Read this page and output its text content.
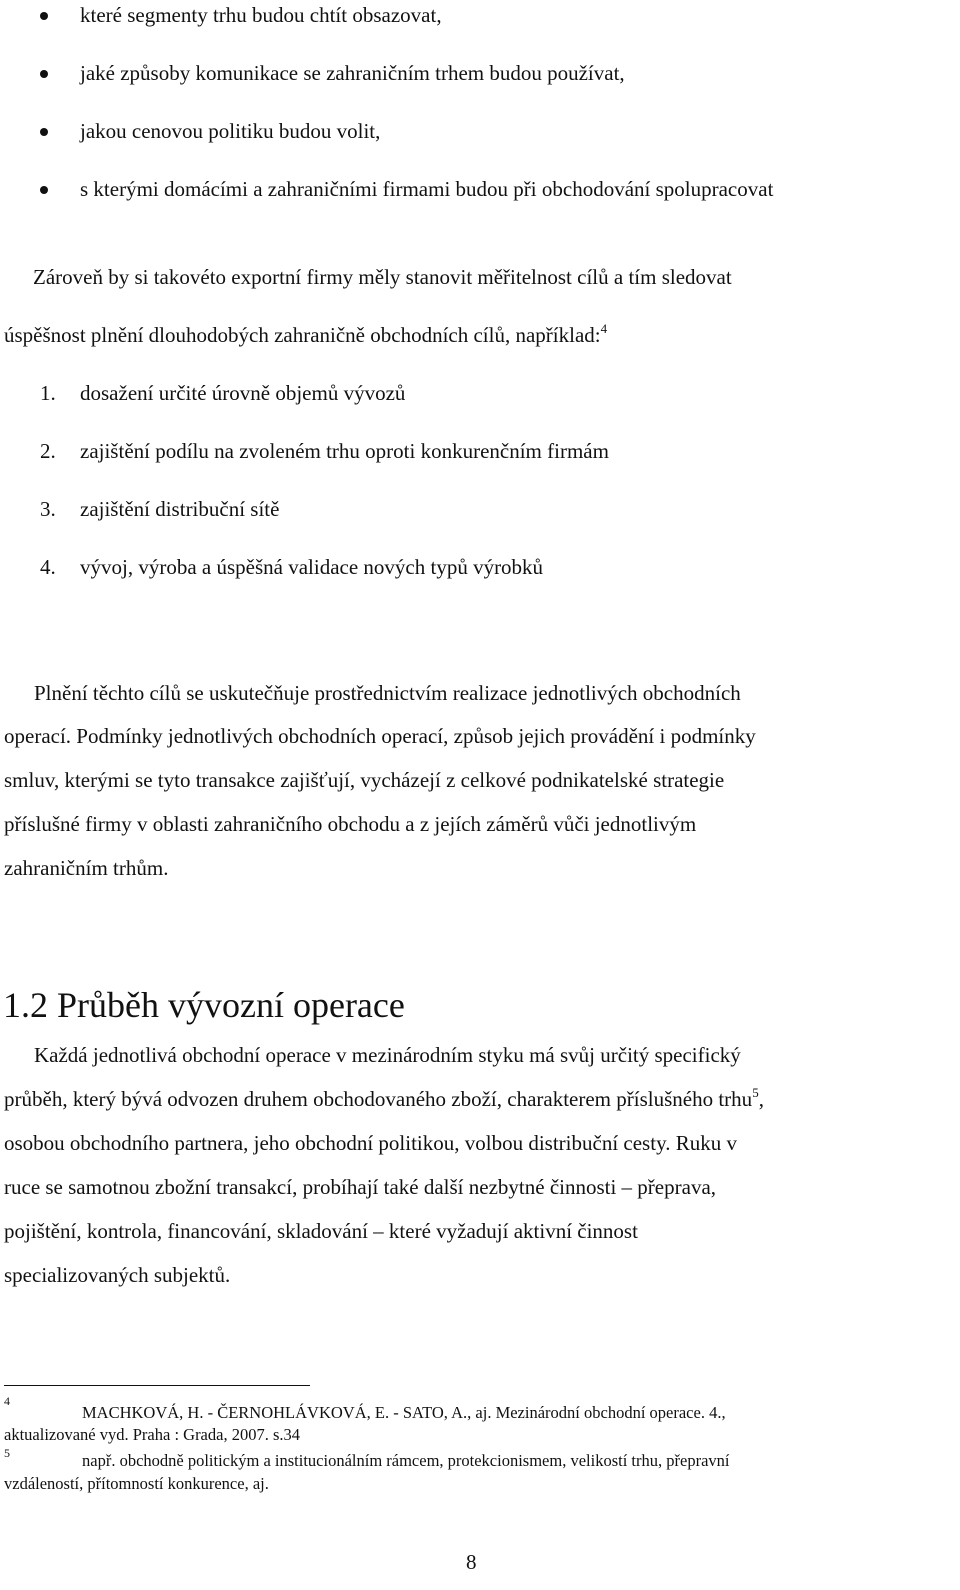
které segmenty trhu budou chtít obsazovat,
jaké způsoby komunikace se zahraničním trhem budou používat,
jakou cenovou politiku budou volit,
s kterými domácími a zahraničními firmami budou při obchodování spolupracovat
Zároveň by si takovéto exportní firmy měly stanovit měřitelnost cílů a tím sledovat
úspěšnost plnění dlouhodobých zahraničně obchodních cílů, například:$^4$
1. dosažení určité úrovně objemů vývozů
2. zajištění podílu na zvoleném trhu oproti konkurenčním firmám
3. zajištění distribuční sítě
4. vývoj, výroba a úspěšná validace nových typů výrobků
Plnění těchto cílů se uskutečňuje prostřednictvím realizace jednotlivých obchodních
operací. Podmínky jednotlivých obchodních operací, způsob jejich provádění i podmínky
smluv, kterými se tyto transakce zajišťují, vycházejí z celkové podnikatelské strategie
příslušné firmy v oblasti zahraničního obchodu a z jejích záměrů vůči jednotlivým
zahraničním trhům.
1.2 Průběh vývozní operace
Každá jednotlivá obchodní operace v mezinárodním styku má svůj určitý specifický
průběh, který bývá odvozen druhem obchodovaného zboží, charakterem příslušného trhu$^5$,
osobou obchodního partnera, jeho obchodní politikou, volbou distribuční cesty. Ruku v
ruce se samotnou zbožní transakcí, probíhají také další nezbytné činnosti – přeprava,
pojištění, kontrola, financování, skladování – které vyžadují aktivní činnost
specializovaných subjektů.
4
MACHKOVÁ, H. - ČERNOHLÁVKOVÁ, E. - SATO, A., aj. Mezinárodní obchodní operace. 4.,
aktualizované vyd. Praha : Grada, 2007. s.34
5	např. obchodně politickým a institucionálním rámcem, protekcionismem, velikostí trhu, přepravní
vzdáleností, přítomností konkurence, aj.
8
